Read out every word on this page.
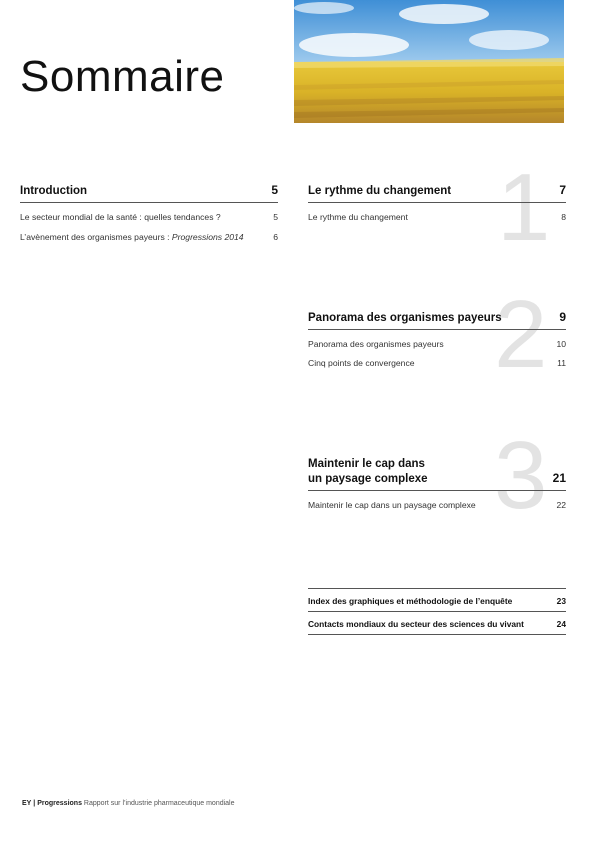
Sommaire
Introduction	5
Le secteur mondial de la santé : quelles tendances ?	5
L’avènement des organismes payeurs : Progressions 2014	6 1
Le rythme du changement	7
Le rythme du changement	8
2
Panorama des organismes payeurs	9
Panorama des organismes payeurs	10
Cinq points de convergence	11
3
Maintenir le cap dans
un paysage complexe	21
Maintenir le cap dans un paysage complexe	22
Index des graphiques et méthodologie de l’enquête	23
Contacts mondiaux du secteur des sciences du vivant	24
EY | Progressions Rapport sur l’industrie pharmaceutique mondiale
